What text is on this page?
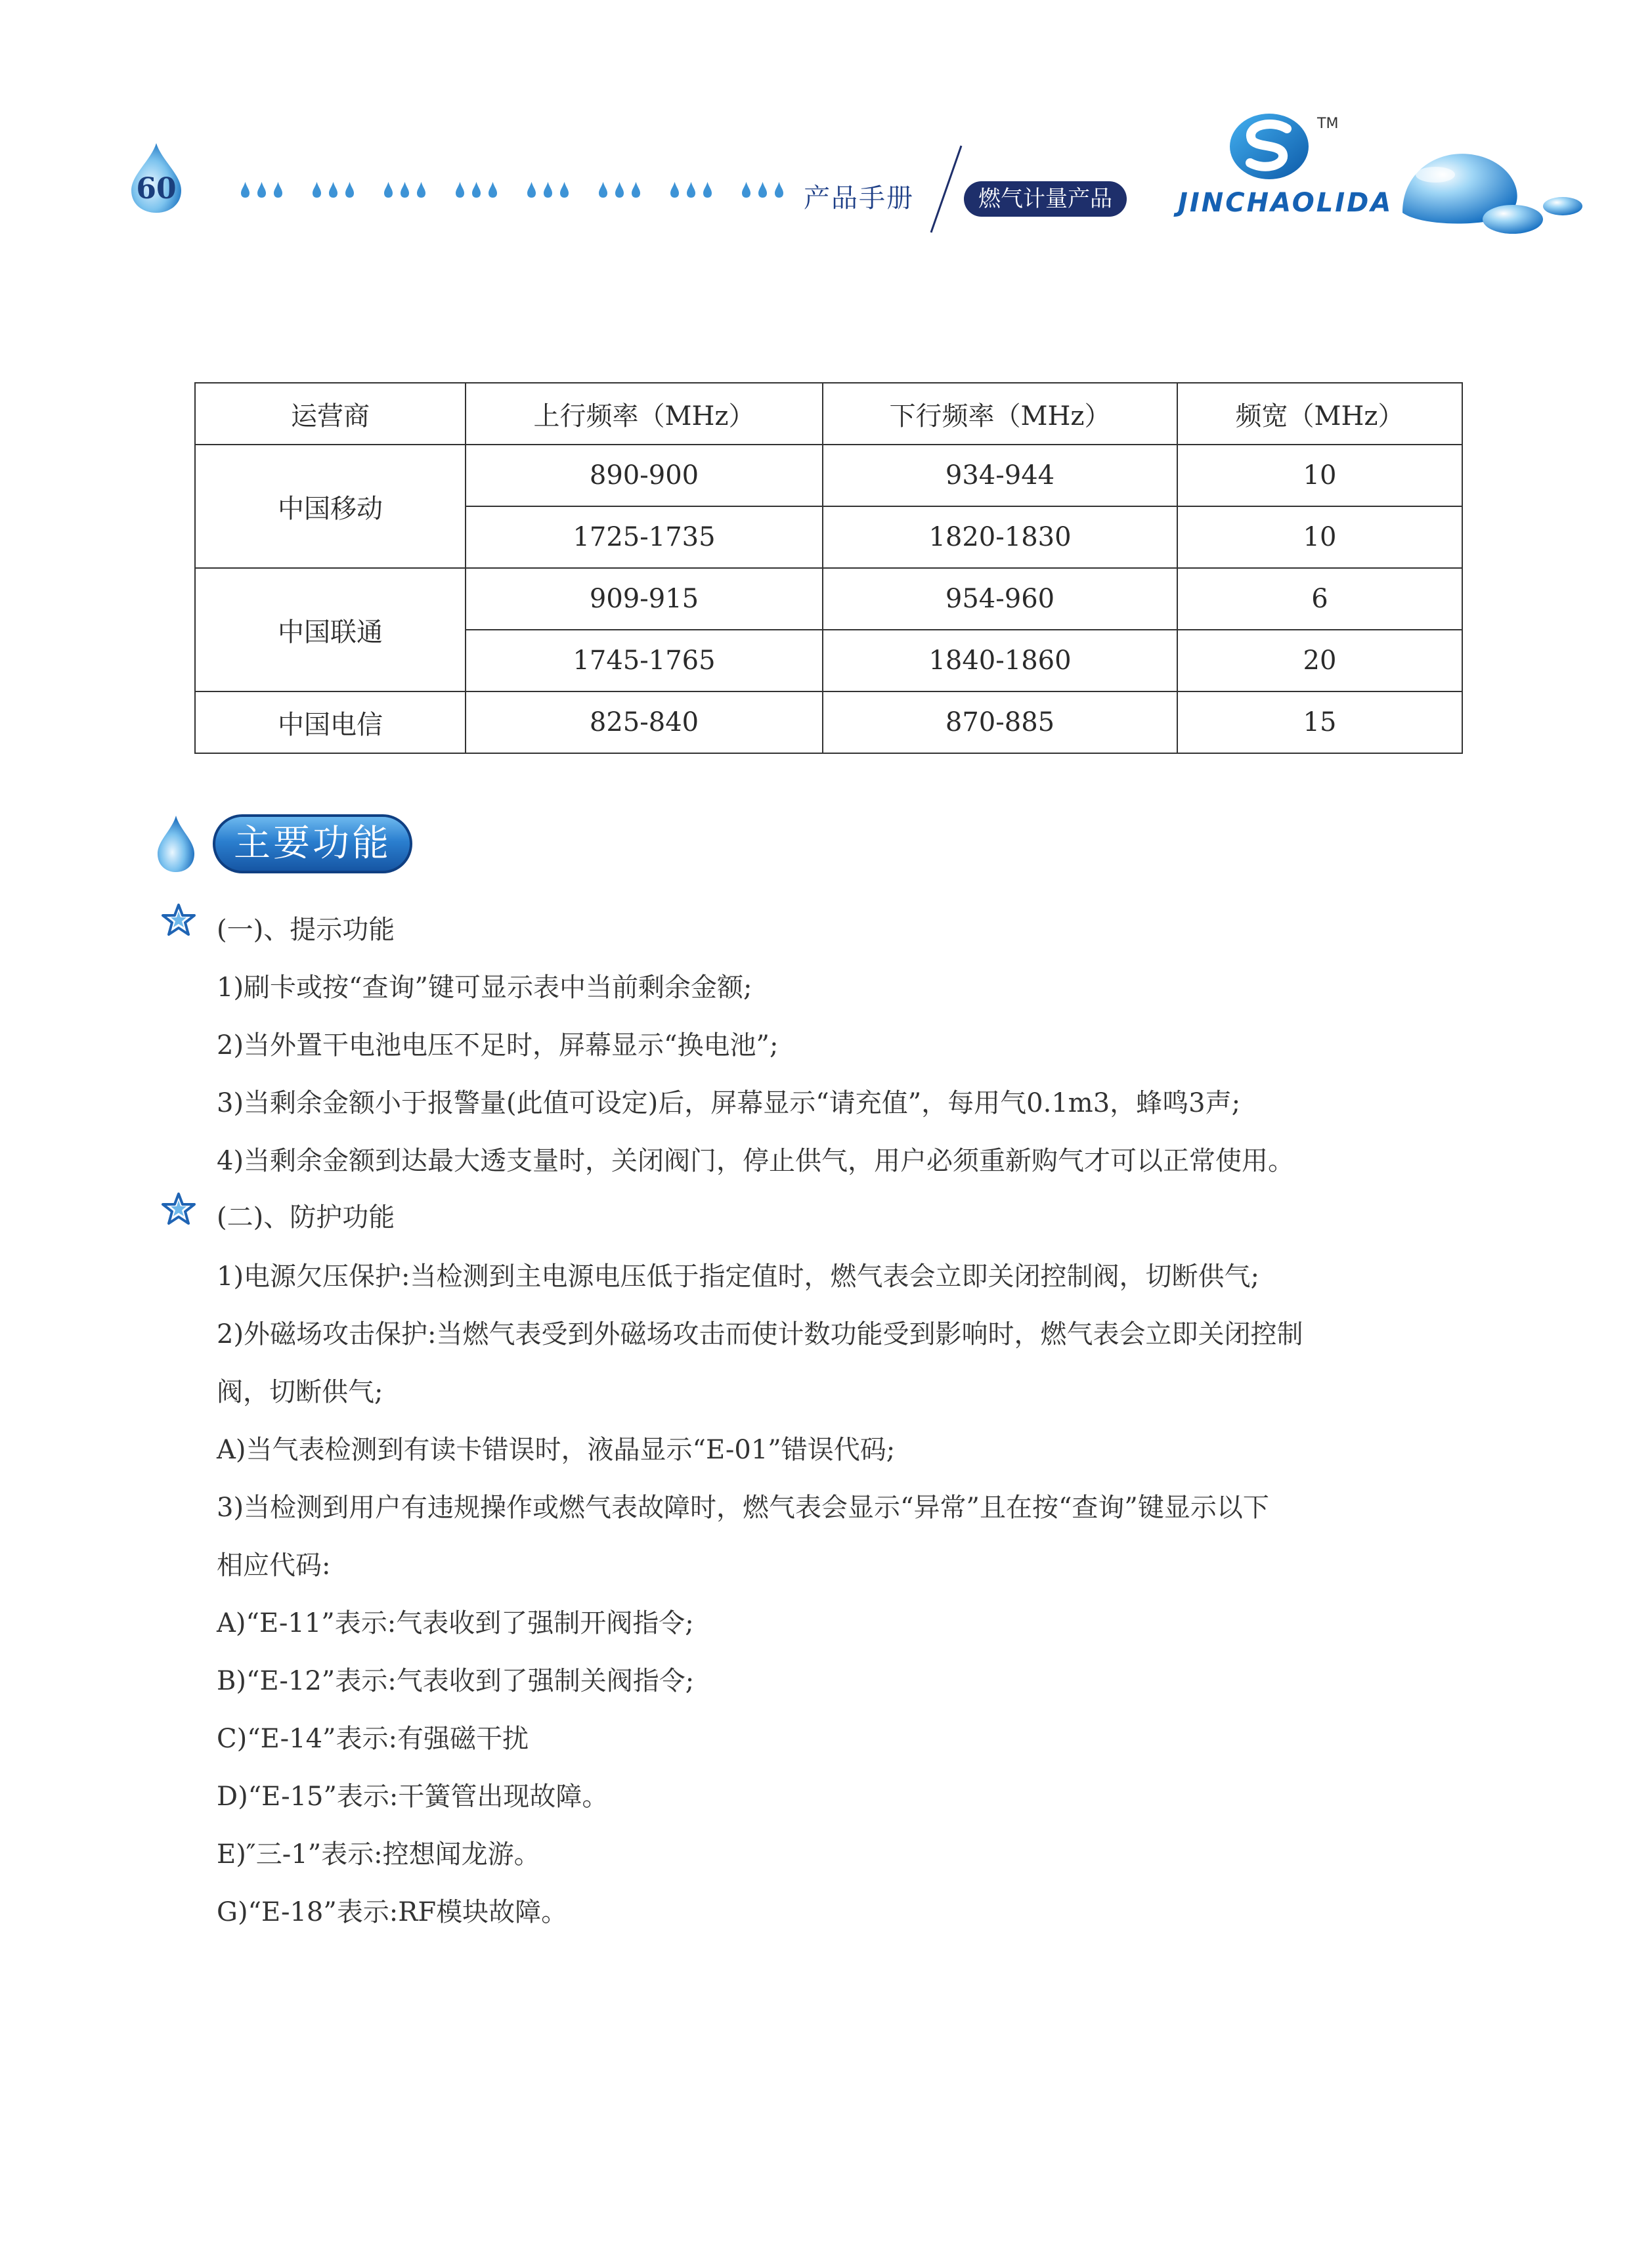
60	产品手册	燃气计量产品
TM
JINCHAOLIDA
运营商	上行频率（MHz）	下行频率（MHz）	频宽（MHz）
中国移动	890-900	934-944	10
	1725-1735	1820-1830	10
中国联通	909-915	954-960	6
	1745-1765	1840-1860	20
中国电信	825-840	870-885	15
主要功能
(一)、提示功能
1)刷卡或按“查询”键可显示表中当前剩余金额;
2)当外置干电池电压不足时，屏幕显示“换电池”;
3)当剩余金额小于报警量(此值可设定)后，屏幕显示“请充值”，每用气0.1m3，蜂鸣3声;
4)当剩余金额到达最大透支量时，关闭阀门，停止供气，用户必须重新购气才可以正常使用。
(二)、防护功能
1)电源欠压保护:当检测到主电源电压低于指定值时，燃气表会立即关闭控制阀，切断供气;
2)外磁场攻击保护:当燃气表受到外磁场攻击而使计数功能受到影响时，燃气表会立即关闭控制
阀，切断供气;
A)当气表检测到有读卡错误时，液晶显示“E-01”错误代码;
3)当检测到用户有违规操作或燃气表故障时，燃气表会显示“异常”且在按“查询”键显示以下
相应代码:
A)“E-11”表示:气表收到了强制开阀指令;
B)“E-12”表示:气表收到了强制关阀指令;
C)“E-14”表示:有强磁干扰
D)“E-15”表示:干簧管出现故障。
E)″三-1”表示:控想闻龙游。
G)“E-18”表示:RF模块故障。
